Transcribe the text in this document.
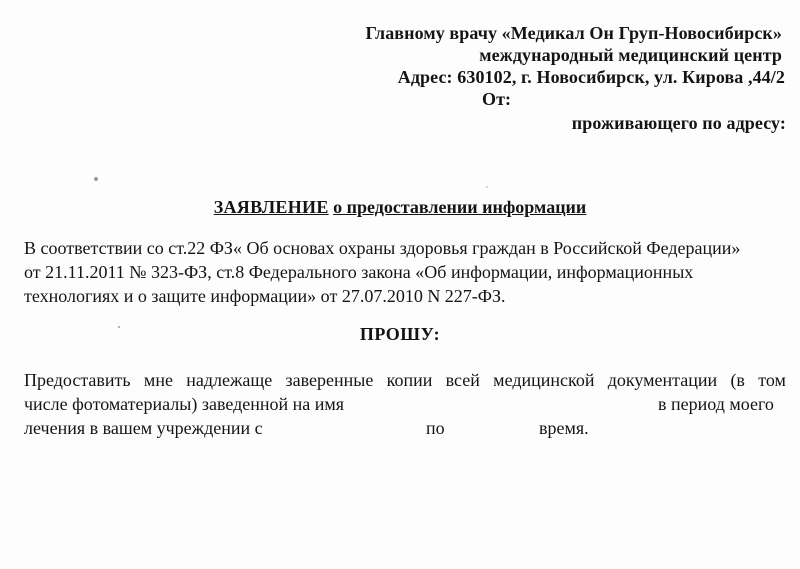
Главному врачу «Медикал Он Груп-Новосибирск»
международный медицинский центр
Адрес: 630102, г. Новосибирск, ул. Кирова ,44/2
От:
проживающего по адресу:
ЗАЯВЛЕНИЕ о предоставлении информации
В соответствии со ст.22 ФЗ« Об основах охраны здоровья граждан в Российской Федерации»
от 21.11.2011 № 323-ФЗ, ст.8 Федерального закона «Об информации, информационных
технологиях и о защите информации» от 27.07.2010 N 227-ФЗ.
ПРОШУ:
Предоставить мне надлежаще заверенные копии всей медицинской документации (в том
числе фотоматериалы) заведенной на имя	в период моего
лечения в вашем учреждении с	по	время.
